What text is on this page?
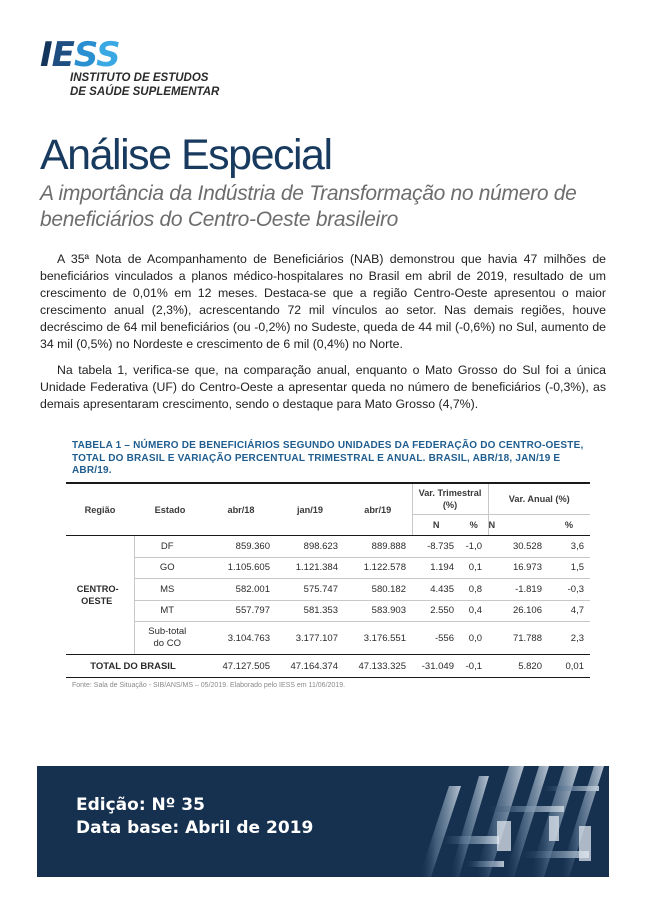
IESS
INSTITUTO DE ESTUDOS
DE SAÚDE SUPLEMENTAR
Análise Especial
A importância da Indústria de Transformação no número de beneficiários do Centro-Oeste brasileiro

A 35ª Nota de Acompanhamento de Beneficiários (NAB) demonstrou que havia 47 milhões de beneficiários vinculados a planos médico-hospitalares no Brasil em abril de 2019, resultado de um crescimento de 0,01% em 12 meses. Destaca-se que a região Centro-Oeste apresentou o maior crescimento anual (2,3%), acrescentando 72 mil vínculos ao setor. Nas demais regiões, houve decréscimo de 64 mil beneficiários (ou -0,2%) no Sudeste, queda de 44 mil (-0,6%) no Sul, aumento de 34 mil (0,5%) no Nordeste e crescimento de 6 mil (0,4%) no Norte.

Na tabela 1, verifica-se que, na comparação anual, enquanto o Mato Grosso do Sul foi a única Unidade Federativa (UF) do Centro-Oeste a apresentar queda no número de beneficiários (-0,3%), as demais apresentaram crescimento, sendo o destaque para Mato Grosso (4,7%).

TABELA 1 – NÚMERO DE BENEFICIÁRIOS SEGUNDO UNIDADES DA FEDERAÇÃO DO CENTRO-OESTE, TOTAL DO BRASIL E VARIAÇÃO PERCENTUAL TRIMESTRAL E ANUAL. BRASIL, ABR/18, JAN/19 E ABR/19.
Região	Estado	abr/18	jan/19	abr/19	Var. Trimestral (%)		Var. Anual (%)	
					N	%	N	%
CENTRO-OESTE	DF	859.360	898.623	889.888	-8.735	-1,0	30.528	3,6
	GO	1.105.605	1.121.384	1.122.578	1.194	0,1	16.973	1,5
	MS	582.001	575.747	580.182	4.435	0,8	-1.819	-0,3
	MT	557.797	581.353	583.903	2.550	0,4	26.106	4,7
	Sub-total do CO	3.104.763	3.177.107	3.176.551	-556	0,0	71.788	2,3
TOTAL DO BRASIL		47.127.505	47.164.374	47.133.325	-31.049	-0,1	5.820	0,01
Fonte: Sala de Situação - SIB/ANS/MS – 05/2019. Elaborado pelo IESS em 11/06/2019.
Edição: Nº 35
Data base: Abril de 2019
